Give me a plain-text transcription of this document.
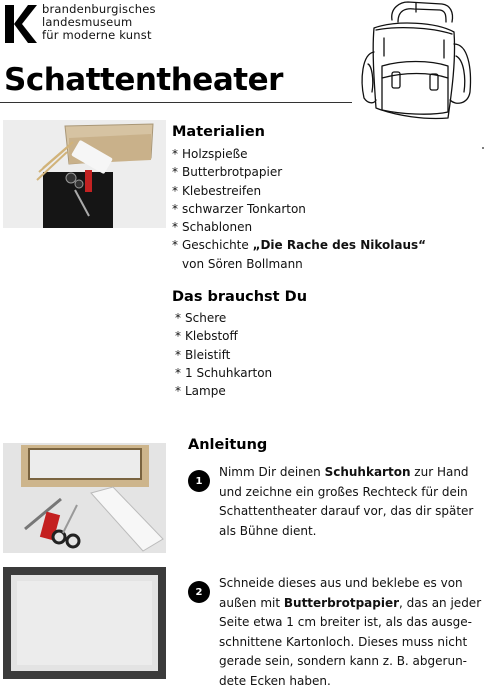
brandenburgisches
landesmuseum
für moderne kunst
Schattentheater
Materialien
* Holzspieße
* Butterbrotpapier
* Klebestreifen
* schwarzer Tonkarton
* Schablonen
* Geschichte „Die Rache des Nikolaus“
von Sören Bollmann
Das brauchst Du
* Schere
* Klebstoff
* Bleistift
* 1 Schuhkarton
* Lampe
Anleitung
1
Nimm Dir deinen Schuhkarton zur Hand
und zeichne ein großes Rechteck für dein
Schattentheater darauf vor, das dir später
als Bühne dient.
2
Schneide dieses aus und beklebe es von
außen mit Butterbrotpapier, das an jeder
Seite etwa 1 cm breiter ist, als das ausge-
schnittene Kartonloch. Dieses muss nicht
gerade sein, sondern kann z. B. abgerun-
dete Ecken haben.
